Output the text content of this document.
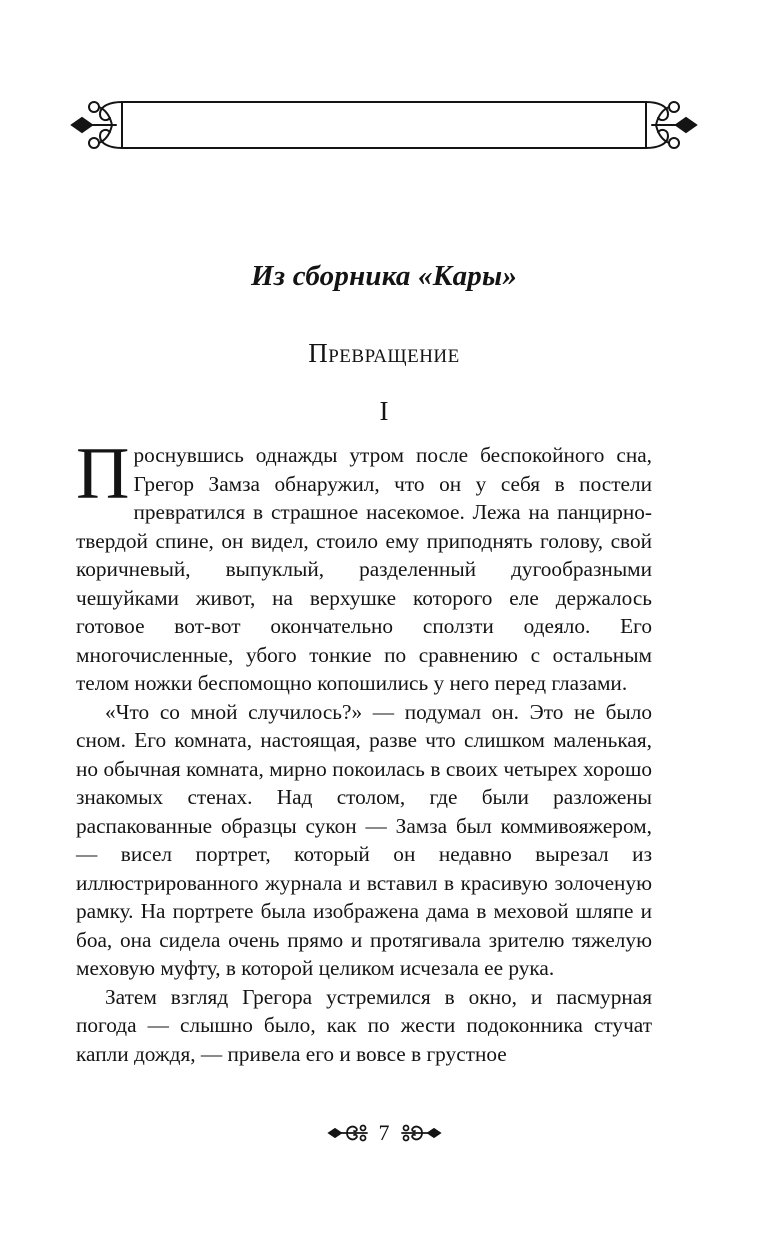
Из сборника «Кары»
Превращение
I

Проснувшись однажды утром после беспокойного сна, Грегор Замза обнаружил, что он у себя в постели превратился в страшное насекомое. Лежа на панцирно-твердой спине, он видел, стоило ему приподнять голову, свой коричневый, выпуклый, разделенный дугообразными чешуйками живот, на верхушке которого еле держалось готовое вот-вот окончательно сползти одеяло. Его многочисленные, убого тонкие по сравнению с остальным телом ножки беспомощно копошились у него перед глазами.

«Что со мной случилось?» — подумал он. Это не было сном. Его комната, настоящая, разве что слишком маленькая, но обычная комната, мирно покоилась в своих четырех хорошо знакомых стенах. Над столом, где были разложены распакованные образцы сукон — Замза был коммивояжером, — висел портрет, который он недавно вырезал из иллюстрированного журнала и вставил в красивую золоченую рамку. На портрете была изображена дама в меховой шляпе и боа, она сидела очень прямо и протягивала зрителю тяжелую меховую муфту, в которой целиком исчезала ее рука.

Затем взгляд Грегора устремился в окно, и пасмурная погода — слышно было, как по жести подоконника стучат капли дождя, — привела его и вовсе в грустное

7
